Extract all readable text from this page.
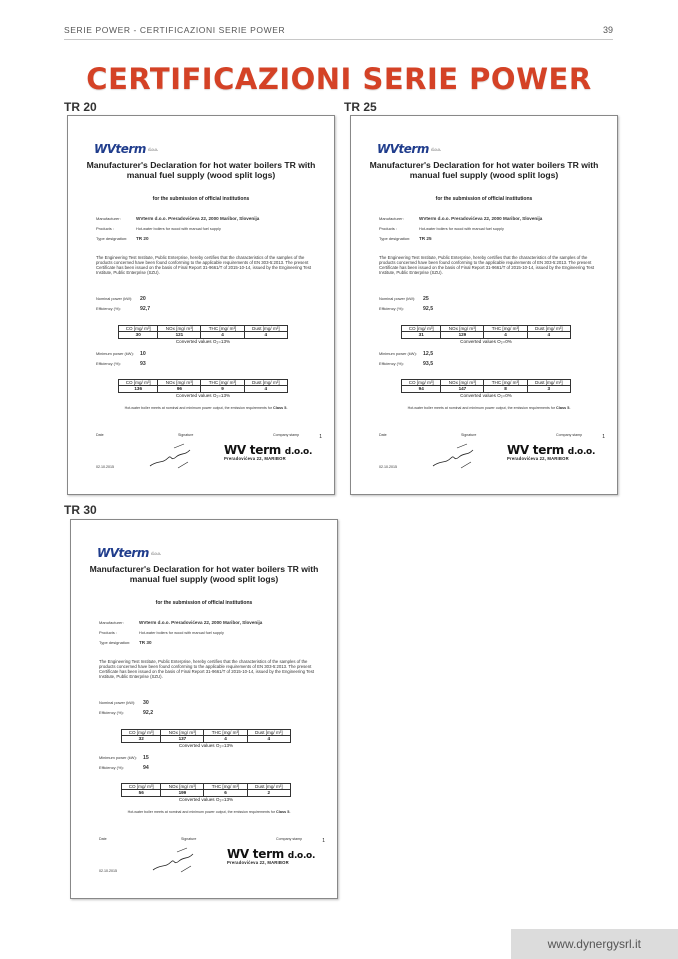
SERIE POWER - CERTIFICAZIONI SERIE POWER	39
CERTIFICAZIONI SERIE POWER
TR 20	TR 25
TR 30
WVterm d.o.o.
Manufacturer's Declaration for hot water boilers TR with manual fuel supply (wood split logs)
for the submission of official institutions
Manufacturer:	WVterm d.o.o. Preradovićeva 22, 2000 Maribor, Slovenija
Products :	Hot-water boilers for wood with manual fuel supply
Type designation: TR 20
The Engineering Test Institute, Public Enterprise, hereby certifies that the characteristics of the samples of the products concerned have been found conforming to the applicable requirements of EN 303-5:2013. The present Certificate has been issued on the basis of Final Report 31-9661/T of 2015-10-14, issued by the Engineering Test Institute, Public Enterprise (SZU).
Nominal power (kW): 20
Efficiency (%):	92,7
CO [mg/ m³]	NOx [mg/ m³]	THC [mg/ m³]	Dust [mg/ m³]
30	121	4	4
Converted values O₂=13%
Minimum power (kW): 10
Efficiency (%):	93
CO [mg/ m³]	NOx [mg/ m³]	THC [mg/ m³]	Dust [mg/ m³]
136	96	9	4
Converted values O₂=13%
Hot-water boiler meets at nominal and minimum power output, the emission requirements for Class 5.
Date	Signature	Company stamp
02.10.2015
1
WV term d.o.o.
Preradovićeva 22, MARIBOR
WVterm d.o.o.
Manufacturer's Declaration for hot water boilers TR with manual fuel supply (wood split logs)
for the submission of official institutions
Manufacturer:	WVterm d.o.o. Preradovićeva 22, 2000 Maribor, Slovenija
Products :	Hot-water boilers for wood with manual fuel supply
Type designation: TR 25
The Engineering Test Institute, Public Enterprise, hereby certifies that the characteristics of the samples of the products concerned have been found conforming to the applicable requirements of EN 303-5:2013. The present Certificate has been issued on the basis of Final Report 31-9661/T of 2015-10-14, issued by the Engineering Test Institute, Public Enterprise (SZU).
Nominal power (kW): 25
Efficiency (%):	92,5
CO [mg/ m³]	NOx [mg/ m³]	THC [mg/ m³]	Dust [mg/ m³]
31	129	4	4
Converted values O₂=0%
Minimum power (kW): 12,5
Efficiency (%):	93,5
CO [mg/ m³]	NOx [mg/ m³]	THC [mg/ m³]	Dust [mg/ m³]
94	147	8	3
Converted values O₂=0%
Hot-water boiler meets at nominal and minimum power output, the emission requirements for Class 5.
Date	Signature	Company stamp
02.10.2015
1
WV term d.o.o.
Preradovićeva 22, MARIBOR
WVterm d.o.o.
Manufacturer's Declaration for hot water boilers TR with manual fuel supply (wood split logs)
for the submission of official institutions
Manufacturer:	WVterm d.o.o. Preradovićeva 22, 2000 Maribor, Slovenija
Products :	Hot-water boilers for wood with manual fuel supply
Type designation: TR 30
The Engineering Test Institute, Public Enterprise, hereby certifies that the characteristics of the samples of the products concerned have been found conforming to the applicable requirements of EN 303-5:2013. The present Certificate has been issued on the basis of Final Report 31-9661/T of 2015-10-14, issued by the Engineering Test Institute, Public Enterprise (SZU).
Nominal power (kW): 30
Efficiency (%):	92,2
CO [mg/ m³]	NOx [mg/ m³]	THC [mg/ m³]	Dust [mg/ m³]
32	137	4	4
Converted values O₂=13%
Minimum power (kW): 15
Efficiency (%):	94
CO [mg/ m³]	NOx [mg/ m³]	THC [mg/ m³]	Dust [mg/ m³]
56	199	6	2
Converted values O₂=13%
Hot-water boiler meets at nominal and minimum power output, the emission requirements for Class 5.
Date	Signature	Company stamp
02.10.2015
1
WV term d.o.o.
Preradovićeva 22, MARIBOR
www.dynergysrl.it
